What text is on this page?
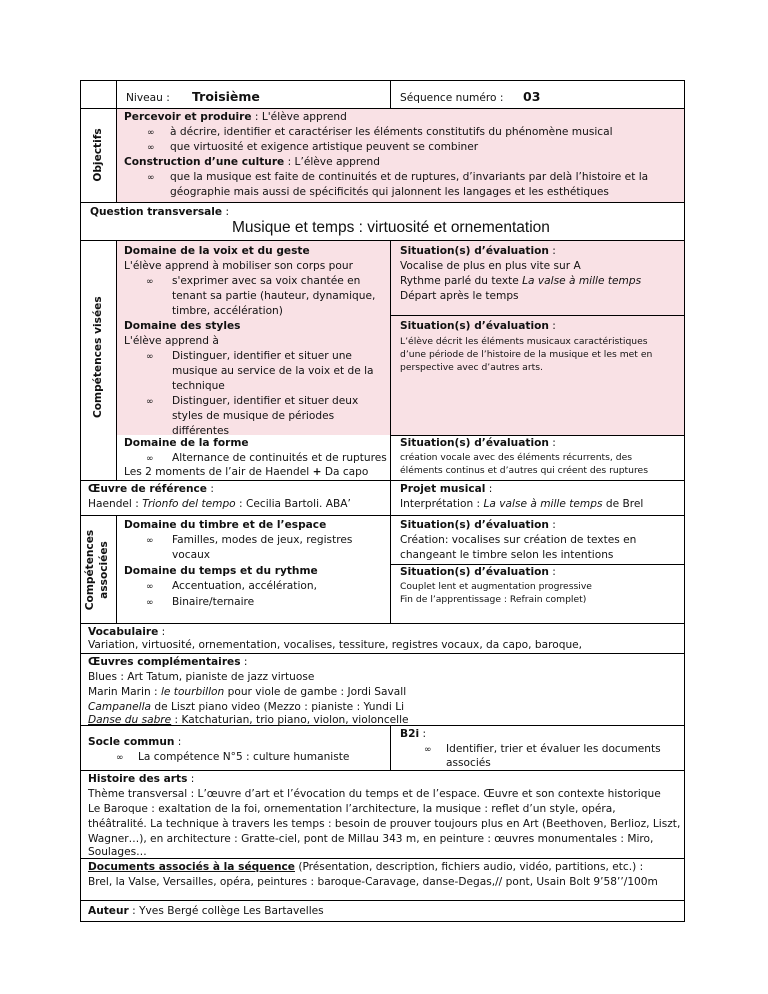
Niveau : Troisième	Séquence numéro : 03
Objectifs
Percevoir et produire : L'élève apprend
∞ à décrire, identifier et caractériser les éléments constitutifs du phénomène musical
∞ que virtuosité et exigence artistique peuvent se combiner
Construction d’une culture : L’élève apprend
∞ que la musique est faite de continuités et de ruptures, d’invariants par delà l’histoire et la
géographie mais aussi de spécificités qui jalonnent les langages et les esthétiques
Question transversale :
Musique et temps : virtuosité et ornementation
Compétences visées
Domaine de la voix et du geste
L'élève apprend à mobiliser son corps pour
∞ s'exprimer avec sa voix chantée en
tenant sa partie (hauteur, dynamique,
timbre, accélération)
Domaine des styles
L'élève apprend à
∞ Distinguer, identifier et situer une
musique au service de la voix et de la
technique
∞ Distinguer, identifier et situer deux
styles de musique de périodes
différentes
Domaine de la forme
∞ Alternance de continuités et de ruptures
Les 2 moments de l’air de Haendel + Da capo
Situation(s) d’évaluation :
Vocalise de plus en plus vite sur A
Rythme parlé du texte La valse à mille temps
Départ après le temps
Situation(s) d’évaluation :
L’élève décrit les éléments musicaux caractéristiques
d’une période de l’histoire de la musique et les met en
perspective avec d’autres arts.
Situation(s) d’évaluation :
création vocale avec des éléments récurrents, des
éléments continus et d’autres qui créent des ruptures
Œuvre de référence :
Haendel : Trionfo del tempo : Cecilia Bartoli. ABA’
Projet musical :
Interprétation : La valse à mille temps de Brel
Compétences associées
Domaine du timbre et de l’espace
∞ Familles, modes de jeux, registres
vocaux
Domaine du temps et du rythme
∞ Accentuation, accélération,
∞ Binaire/ternaire
Situation(s) d’évaluation :
Création: vocalises sur création de textes en
changeant le timbre selon les intentions
Situation(s) d’évaluation :
Couplet lent et augmentation progressive
Fin de l’apprentissage : Refrain complet)
Vocabulaire :
Variation, virtuosité, ornementation, vocalises, tessiture, registres vocaux, da capo, baroque,
Œuvres complémentaires :
Blues : Art Tatum, pianiste de jazz virtuose
Marin Marin : le tourbillon pour viole de gambe : Jordi Savall
Campanella de Liszt piano video (Mezzo : pianiste : Yundi Li
Danse du sabre : Katchaturian, trio piano, violon, violoncelle
Socle commun :
∞ La compétence N°5 : culture humaniste
B2i :
∞ Identifier, trier et évaluer les documents
associés
Histoire des arts :
Thème transversal : L’œuvre d’art et l’évocation du temps et de l’espace. Œuvre et son contexte historique
Le Baroque : exaltation de la foi, ornementation l’architecture, la musique : reflet d’un style, opéra,
théâtralité. La technique à travers les temps : besoin de prouver toujours plus en Art (Beethoven, Berlioz, Liszt,
Wagner…), en architecture : Gratte-ciel, pont de Millau 343 m, en peinture : œuvres monumentales : Miro,
Soulages…
Documents associés à la séquence (Présentation, description, fichiers audio, vidéo, partitions, etc.) :
Brel, la Valse, Versailles, opéra, peintures : baroque-Caravage, danse-Degas,// pont, Usain Bolt 9’58’’/100m
Auteur : Yves Bergé collège Les Bartavelles
